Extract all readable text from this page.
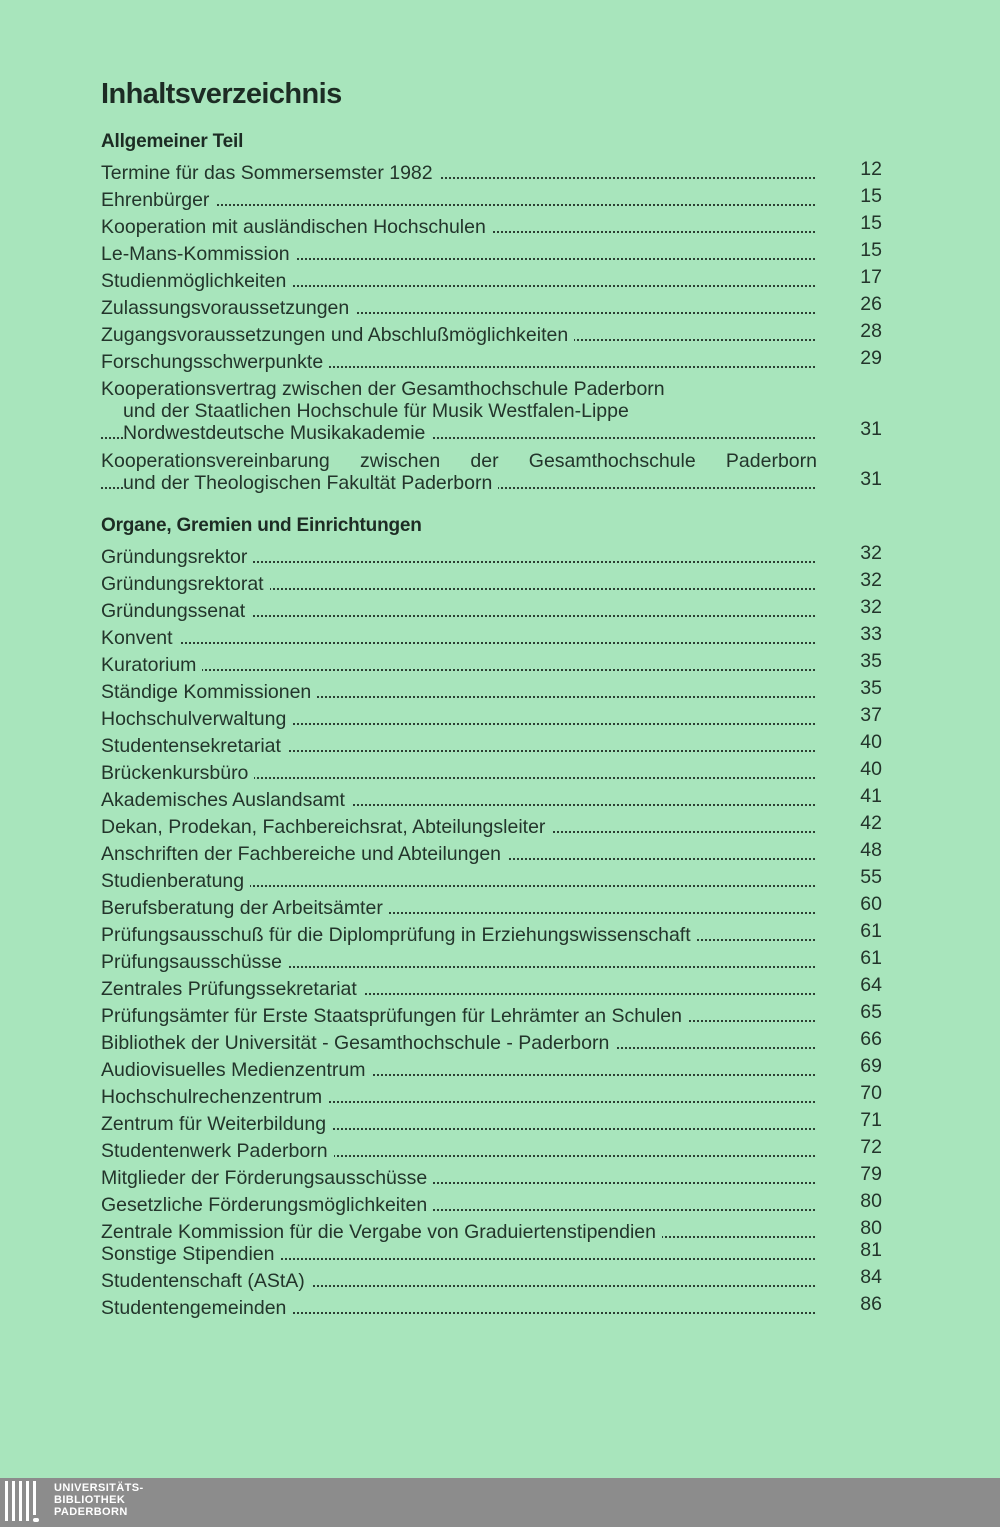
Inhaltsverzeichnis
Allgemeiner Teil
Termine für das Sommersemster 1982	12
Ehrenbürger	15
Kooperation mit ausländischen Hochschulen	15
Le-Mans-Kommission	15
Studienmöglichkeiten	17
Zulassungsvoraussetzungen	26
Zugangsvoraussetzungen und Abschlußmöglichkeiten	28
Forschungsschwerpunkte	29
Kooperationsvertrag zwischen der Gesamthochschule Paderborn
und der Staatlichen Hochschule für Musik Westfalen-Lippe
Nordwestdeutsche Musikakademie	31
Kooperationsvereinbarung zwischen der Gesamthochschule Paderborn
und der Theologischen Fakultät Paderborn	31
Organe, Gremien und Einrichtungen
Gründungsrektor	32
Gründungsrektorat	32
Gründungssenat	32
Konvent	33
Kuratorium	35
Ständige Kommissionen	35
Hochschulverwaltung	37
Studentensekretariat	40
Brückenkursbüro	40
Akademisches Auslandsamt	41
Dekan, Prodekan, Fachbereichsrat, Abteilungsleiter	42
Anschriften der Fachbereiche und Abteilungen	48
Studienberatung	55
Berufsberatung der Arbeitsämter	60
Prüfungsausschuß für die Diplomprüfung in Erziehungswissenschaft	61
Prüfungsausschüsse	61
Zentrales Prüfungssekretariat	64
Prüfungsämter für Erste Staatsprüfungen für Lehrämter an Schulen	65
Bibliothek der Universität - Gesamthochschule - Paderborn	66
Audiovisuelles Medienzentrum	69
Hochschulrechenzentrum	70
Zentrum für Weiterbildung	71
Studentenwerk Paderborn	72
Mitglieder der Förderungsausschüsse	79
Gesetzliche Förderungsmöglichkeiten	80
Zentrale Kommission für die Vergabe von Graduiertenstipendien	80
Sonstige Stipendien	81
Studentenschaft (AStA)	84
Studentengemeinden	86
UNIVERSITÄTS-
BIBLIOTHEK
PADERBORN
